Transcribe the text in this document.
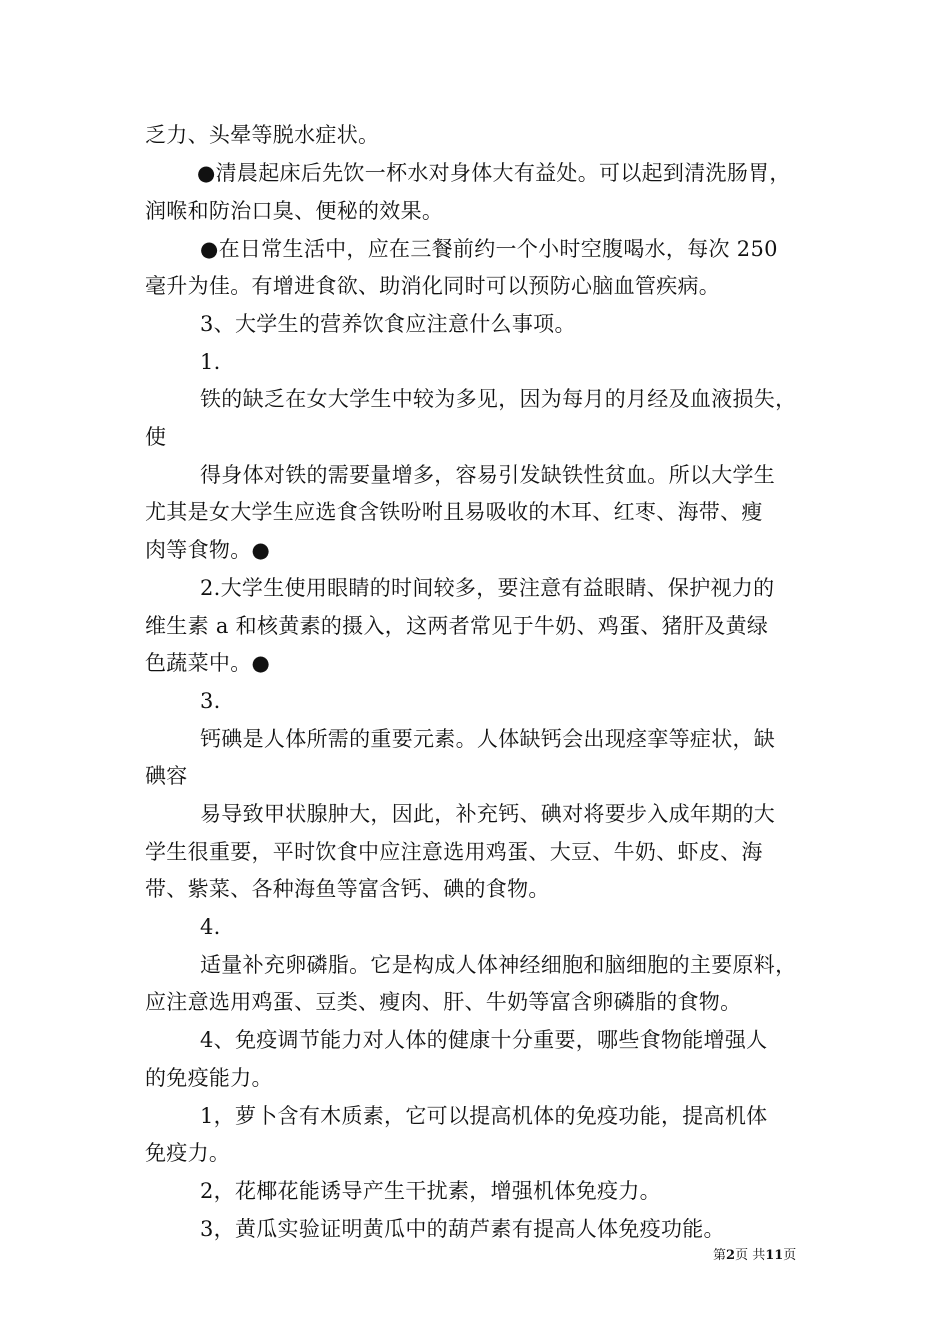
乏力、头晕等脱水症状。
●清晨起床后先饮一杯水对身体大有益处。可以起到清洗肠胃，
润喉和防治口臭、便秘的效果。
●在日常生活中，应在三餐前约一个小时空腹喝水，每次 250
毫升为佳。有增进食欲、助消化同时可以预防心脑血管疾病。
3、大学生的营养饮食应注意什么事项。
1.
铁的缺乏在女大学生中较为多见，因为每月的月经及血液损失，
使
得身体对铁的需要量增多，容易引发缺铁性贫血。所以大学生
尤其是女大学生应选食含铁吩咐且易吸收的木耳、红枣、海带、瘦
肉等食物。●
2.大学生使用眼睛的时间较多，要注意有益眼睛、保护视力的
维生素 a 和核黄素的摄入，这两者常见于牛奶、鸡蛋、猪肝及黄绿
色蔬菜中。●
3.
钙碘是人体所需的重要元素。人体缺钙会出现痉挛等症状，缺
碘容
易导致甲状腺肿大，因此，补充钙、碘对将要步入成年期的大
学生很重要，平时饮食中应注意选用鸡蛋、大豆、牛奶、虾皮、海
带、紫菜、各种海鱼等富含钙、碘的食物。
4.
适量补充卵磷脂。它是构成人体神经细胞和脑细胞的主要原料，
应注意选用鸡蛋、豆类、瘦肉、肝、牛奶等富含卵磷脂的食物。
4、免疫调节能力对人体的健康十分重要，哪些食物能增强人
的免疫能力。
1，萝卜含有木质素，它可以提高机体的免疫功能，提高机体
免疫力。
2，花椰花能诱导产生干扰素，增强机体免疫力。
3，黄瓜实验证明黄瓜中的葫芦素有提高人体免疫功能。
第2页 共11页
